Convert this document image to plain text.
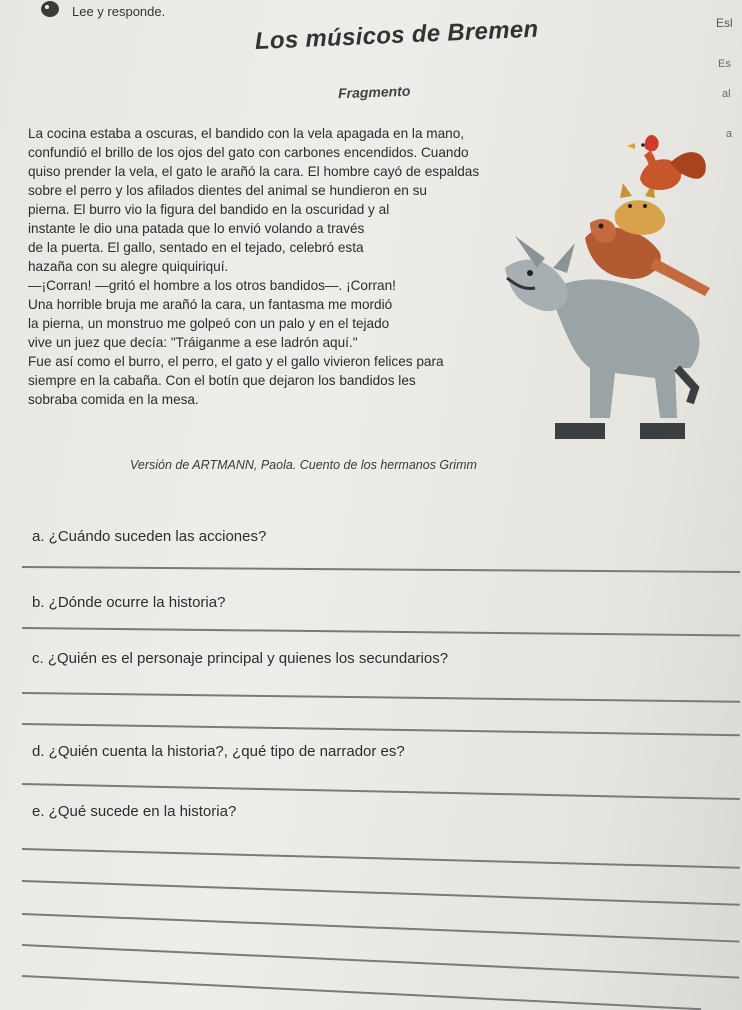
Lee y responde.
Esl
Es
al
a
Los músicos de Bremen
Fragmento
La cocina estaba a oscuras, el bandido con la vela apagada en la mano,
confundió el brillo de los ojos del gato con carbones encendidos. Cuando
quiso prender la vela, el gato le arañó la cara. El hombre cayó de espaldas
sobre el perro y los afilados dientes del animal se hundieron en su
pierna. El burro vio la figura del bandido en la oscuridad y al
instante le dio una patada que lo envió volando a través
de la puerta. El gallo, sentado en el tejado, celebró esta
hazaña con su alegre quiquiriquí.
—¡Corran! —gritó el hombre a los otros bandidos—. ¡Corran!
Una horrible bruja me arañó la cara, un fantasma me mordió
la pierna, un monstruo me golpeó con un palo y en el tejado
vive un juez que decía: "Tráiganme a ese ladrón aquí."
Fue así como el burro, el perro, el gato y el gallo vivieron felices para
siempre en la cabaña. Con el botín que dejaron los bandidos les
sobraba comida en la mesa.
Versión de ARTMANN, Paola. Cuento de los hermanos Grimm
a. ¿Cuándo suceden las acciones?
b. ¿Dónde ocurre la historia?
c. ¿Quién es el personaje principal y quienes los secundarios?
d. ¿Quién cuenta la historia?, ¿qué tipo de narrador es?
e. ¿Qué sucede en la historia?
